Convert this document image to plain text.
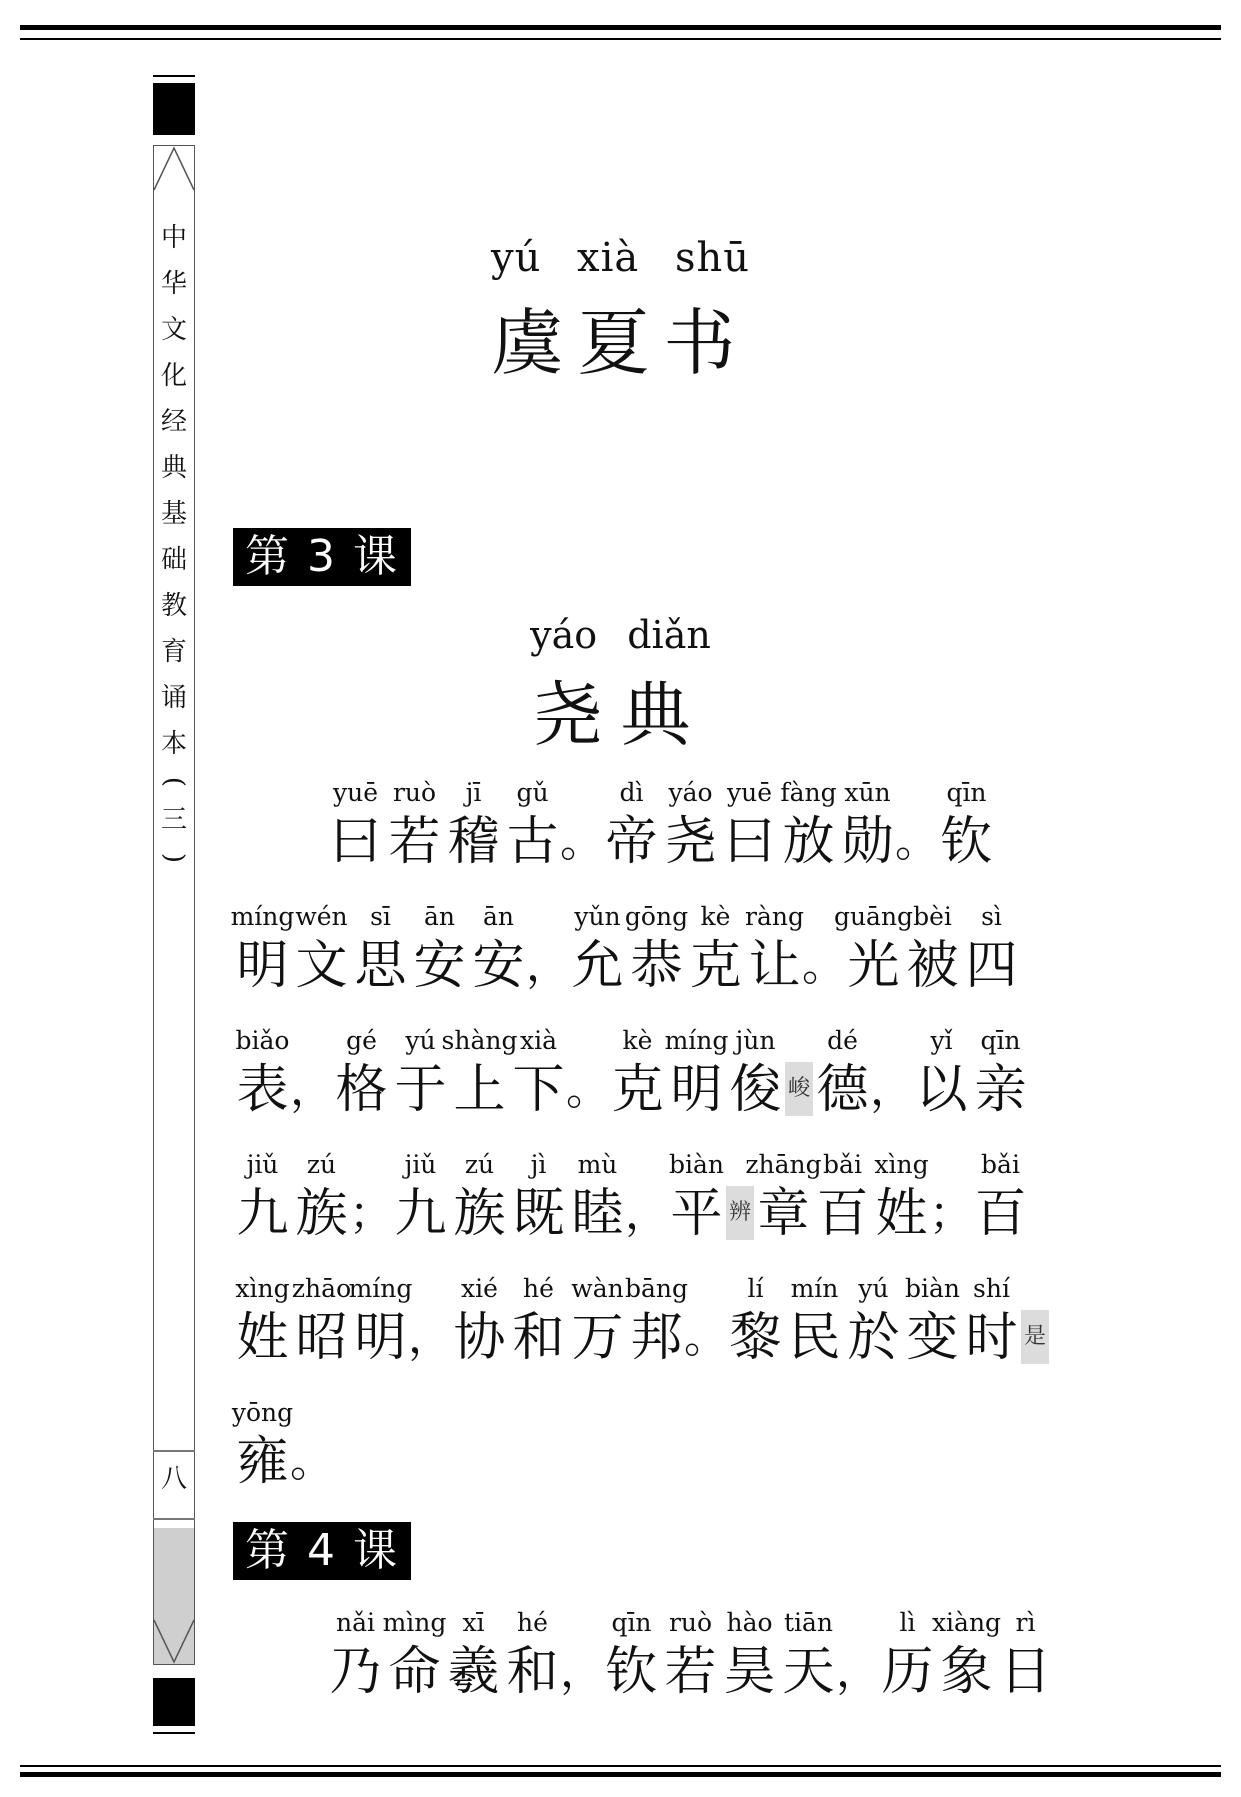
中
华
文
化
经
典
基
础
教
育
诵
本
(
三
)
八
yú xià shū
虞夏书
第 3 课
yáo diǎn
尧典
yuē
曰
ruò
若
jī
稽
gǔ
古 。
dì
帝
yáo
尧
yuē
曰
fàng
放
xūn
勋 。
qīn
钦
míng
明
wén
文
sī
思
ān
安
ān
安 ，
yǔn
允
gōng
恭
kè
克
ràng
让 。
guāng
光
bèi
被
sì
四
biǎo
表 ，
gé
格
yú
于
shàng
上
xià
下 。
kè
克
míng
明
jùn
俊 峻
dé
德 ，
yǐ
以
qīn
亲
jiǔ
九
zú
族 ；
jiǔ
九
zú
族
jì
既
mù
睦 ，
biàn
平 辨
zhāng
章
bǎi
百
xìng
姓 ；
bǎi
百
xìng
姓
zhāo
昭
míng
明 ，
xié
协
hé
和
wàn
万
bāng
邦 。
lí
黎
mín
民
yú
於
biàn
变
shí
时 是
yōng
雍 。
nǎi
乃
mìng
命
xī
羲
hé
和 ，
qīn
钦
ruò
若
hào
昊
tiān
天 ，
lì
历
xiàng
象
rì
日
第 4 课
